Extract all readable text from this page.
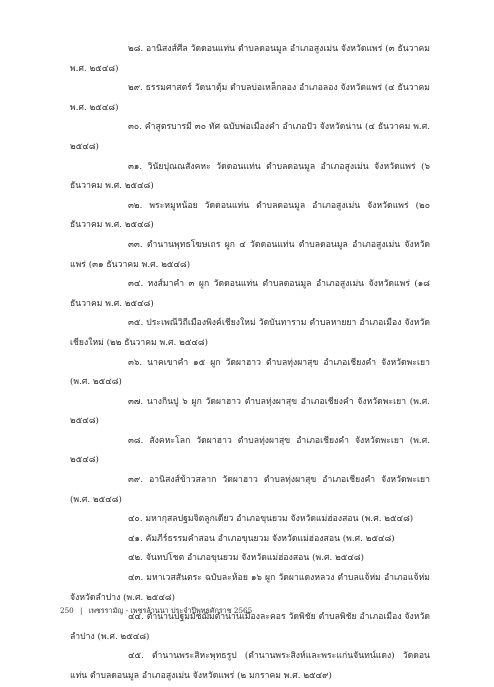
๒๘. อานิสงส์ศีล วัดดอนแท่น ตำบลดอนมูล อำเภอสูงเม่น จังหวัดแพร่ (๓ ธันวาคม พ.ศ. ๒๕๔๘)

๒๙. ธรรมศาสตร์ วัดนาตุ้ม ตำบลบ่อเหล็กลอง อำเภอลอง จังหวัดแพร่ (๔ ธันวาคม พ.ศ. ๒๕๔๘)

๓๐. คำสูตรบารมี ๓๐ ทัศ ฉบับพ่อเมืองคำ อำเภอปัว จังหวัดน่าน (๔ ธันวาคม พ.ศ. ๒๕๔๘)

๓๑. วินัยปุณณสังคหะ วัดดอนแท่น ตำบลดอนมูล อำเภอสูงเม่น จังหวัดแพร่ (๖ ธันวาคม พ.ศ. ๒๕๔๘)

๓๒. พระหมูหน้อย วัดดอนแท่น ตำบลดอนมูล อำเภอสูงเม่น จังหวัดแพร่ (๒๐ ธันวาคม พ.ศ. ๒๕๔๘)

๓๓. ตำนานพุทธโฆษเถร ผูก ๔ วัดดอนแท่น ตำบลดอนมูล อำเภอสูงเม่น จังหวัดแพร่ (๓๑ ธันวาคม พ.ศ. ๒๕๔๘)

๓๔. หงส์มาคำ ๓ ผูก วัดดอนแท่น ตำบลดอนมูล อำเภอสูงเม่น จังหวัดแพร่ (๑๘ ธันวาคม พ.ศ. ๒๕๔๘)

๓๕. ประเพณีวิถีเมืองพิงค์เชียงใหม่ วัดบันทาราม ตำบลหายยา อำเภอเมือง จังหวัดเชียงใหม่ (๒๒ ธันวาคม พ.ศ. ๒๕๔๘)

๓๖. นาคเขาคำ ๑๕ ผูก วัดผาฮาว ตำบลทุ่งผาสุข อำเภอเชียงคำ จังหวัดพะเยา (พ.ศ. ๒๕๔๘)

๓๗. นางกินปู ๖ ผูก วัดผาฮาว ตำบลทุ่งผาสุข อำเภอเชียงคำ จังหวัดพะเยา (พ.ศ. ๒๕๔๘)

๓๘. สังคหะโลก วัดผาฮาว ตำบลทุ่งผาสุข อำเภอเชียงคำ จังหวัดพะเยา (พ.ศ. ๒๕๔๘)

๓๙. อานิสงส์ข้าวสลาก วัดผาฮาว ตำบลทุ่งผาสุข อำเภอเชียงคำ จังหวัดพะเยา (พ.ศ. ๒๕๔๘)

๔๐. มหากุสลปฐมจิตลูกเดียว อำเภอขุนยวม จังหวัดแม่ฮ่องสอน (พ.ศ. ๒๕๔๘)

๔๑. คัมภีร์ธรรมคำสอน อำเภอขุนยวม จังหวัดแม่ฮ่องสอน (พ.ศ. ๒๕๔๘)

๔๒. จันทปโชต อำเภอขุนยวม จังหวัดแม่ฮ่องสอน (พ.ศ. ๒๕๔๘)

๔๓. มหาเวสสันตระ ฉบับละห้อย ๑๖ ผูก วัดผาแดงหลวง ตำบลแจ้ห่ม อำเภอแจ้ห่ม จังหวัดลำปาง (พ.ศ. ๒๕๔๘)

๔๔. ตำนานปฐมมัชฌิมตำนานเมืองละคอร วัดพิชัย ตำบลพิชัย อำเภอเมือง จังหวัดลำปาง (พ.ศ. ๒๕๔๘)

๔๕. ตำนานพระสิหะพุทธรูป (ตำนานพระสิงห์และพระแก่นจันทน์แดง) วัดดอนแท่น ตำบลดอนมูล อำเภอสูงเม่น จังหวัดแพร่ (๒ มกราคม พ.ศ. ๒๕๔๙)

250 | เพชรรามัญ - เพชรล้านนา ประจำปีพุทธศักราช 2565
